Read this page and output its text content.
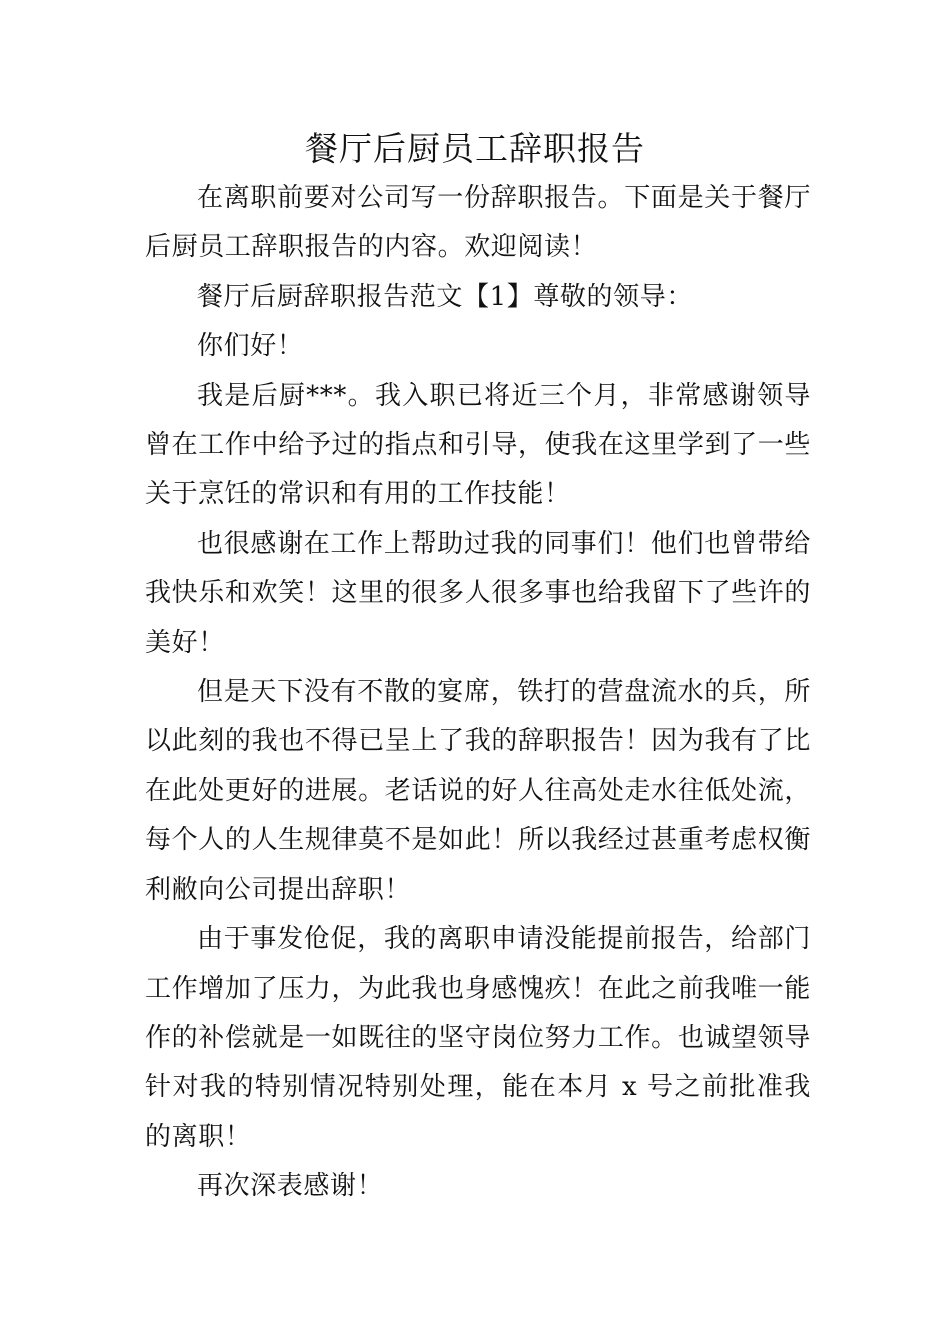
餐厅后厨员工辞职报告

在离职前要对公司写一份辞职报告。下面是关于餐厅后厨员工辞职报告的内容。欢迎阅读！

餐厅后厨辞职报告范文【1】尊敬的领导：

你们好！

我是后厨***。我入职已将近三个月，非常感谢领导曾在工作中给予过的指点和引导，使我在这里学到了一些关于烹饪的常识和有用的工作技能！

也很感谢在工作上帮助过我的同事们！他们也曾带给我快乐和欢笑！这里的很多人很多事也给我留下了些许的美好！

但是天下没有不散的宴席，铁打的营盘流水的兵，所以此刻的我也不得已呈上了我的辞职报告！因为我有了比在此处更好的进展。老话说的好人往高处走水往低处流，每个人的人生规律莫不是如此！所以我经过甚重考虑权衡利敝向公司提出辞职！

由于事发伧促，我的离职申请没能提前报告，给部门工作增加了压力，为此我也身感愧疚！在此之前我唯一能作的补偿就是一如既往的坚守岗位努力工作。也诚望领导针对我的特别情况特别处理，能在本月 x 号之前批准我的离职！

再次深表感谢！
